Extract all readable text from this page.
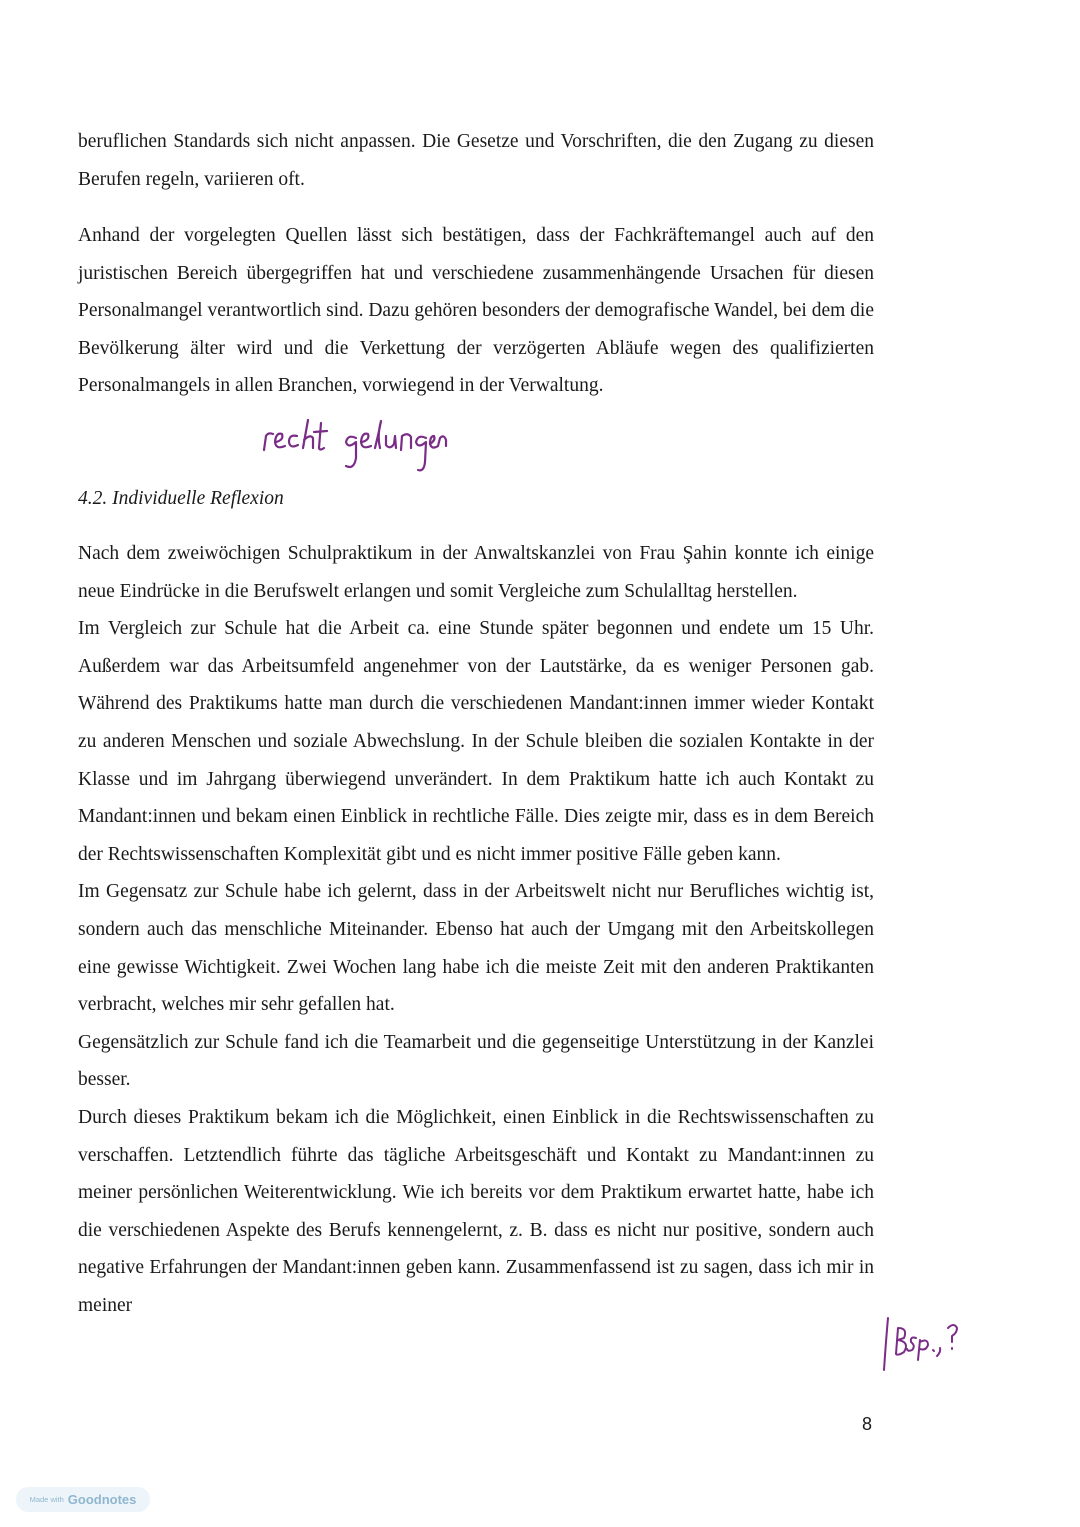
beruflichen Standards sich nicht anpassen. Die Gesetze und Vorschriften, die den Zugang zu diesen Berufen regeln, variieren oft.

Anhand der vorgelegten Quellen lässt sich bestätigen, dass der Fachkräftemangel auch auf den juristischen Bereich übergegriffen hat und verschiedene zusammenhängende Ursachen für diesen Personalmangel verantwortlich sind. Dazu gehören besonders der demografische Wandel, bei dem die Bevölkerung älter wird und die Verkettung der verzögerten Abläufe wegen des qualifizierten Personalmangels in allen Branchen, vorwiegend in der Verwaltung.

4.2. Individuelle Reflexion

Nach dem zweiwöchigen Schulpraktikum in der Anwaltskanzlei von Frau Şahin konnte ich einige neue Eindrücke in die Berufswelt erlangen und somit Vergleiche zum Schulalltag herstellen.

Im Vergleich zur Schule hat die Arbeit ca. eine Stunde später begonnen und endete um 15 Uhr. Außerdem war das Arbeitsumfeld angenehmer von der Lautstärke, da es weniger Personen gab. Während des Praktikums hatte man durch die verschiedenen Mandant:innen immer wieder Kontakt zu anderen Menschen und soziale Abwechslung. In der Schule bleiben die sozialen Kontakte in der Klasse und im Jahrgang überwiegend unverändert. In dem Praktikum hatte ich auch Kontakt zu Mandant:innen und bekam einen Einblick in rechtliche Fälle. Dies zeigte mir, dass es in dem Bereich der Rechtswissenschaften Komplexität gibt und es nicht immer positive Fälle geben kann.

Im Gegensatz zur Schule habe ich gelernt, dass in der Arbeitswelt nicht nur Berufliches wichtig ist, sondern auch das menschliche Miteinander. Ebenso hat auch der Umgang mit den Arbeitskollegen eine gewisse Wichtigkeit. Zwei Wochen lang habe ich die meiste Zeit mit den anderen Praktikanten verbracht, welches mir sehr gefallen hat.

Gegensätzlich zur Schule fand ich die Teamarbeit und die gegenseitige Unterstützung in der Kanzlei besser.

Durch dieses Praktikum bekam ich die Möglichkeit, einen Einblick in die Rechtswissenschaften zu verschaffen. Letztendlich führte das tägliche Arbeitsgeschäft und Kontakt zu Mandant:innen zu meiner persönlichen Weiterentwicklung. Wie ich bereits vor dem Praktikum erwartet hatte, habe ich die verschiedenen Aspekte des Berufs kennengelernt, z. B. dass es nicht nur positive, sondern auch negative Erfahrungen der Mandant:innen geben kann. Zusammenfassend ist zu sagen, dass ich mir in meiner

8
Made with Goodnotes
